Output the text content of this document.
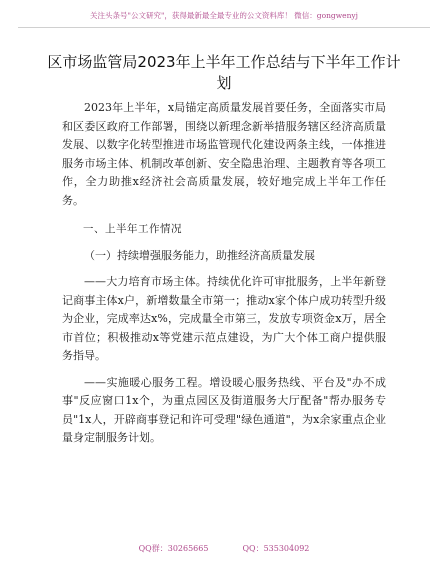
关注头条号"公文研究"，获得最新最全最专业的公文资料库！ 微信：gongwenyj
区市场监管局2023年上半年工作总结与下半年工作计划

2023年上半年，x局锚定高质量发展首要任务，全面落实市局和区委区政府工作部署，围绕以新理念新举措服务辖区经济高质量发展、以数字化转型推进市场监管现代化建设两条主线，一体推进服务市场主体、机制改革创新、安全隐患治理、主题教育等各项工作，全力助推x经济社会高质量发展，较好地完成上半年工作任务。

一、上半年工作情况

（一）持续增强服务能力，助推经济高质量发展

——大力培育市场主体。持续优化许可审批服务，上半年新登记商事主体x户，新增数量全市第一；推动x家个体户成功转型升级为企业，完成率达x%，完成量全市第三，发放专项资金x万，居全市首位；积极推动x等党建示范点建设，为广大个体工商户提供服务指导。

——实施暖心服务工程。增设暖心服务热线、平台及"办不成事"反应窗口1x个，为重点园区及街道服务大厅配备"帮办服务专员"1x人，开辟商事登记和许可受理"绿色通道"，为x余家重点企业量身定制服务计划。

QQ群：30265665	QQ：535304092
